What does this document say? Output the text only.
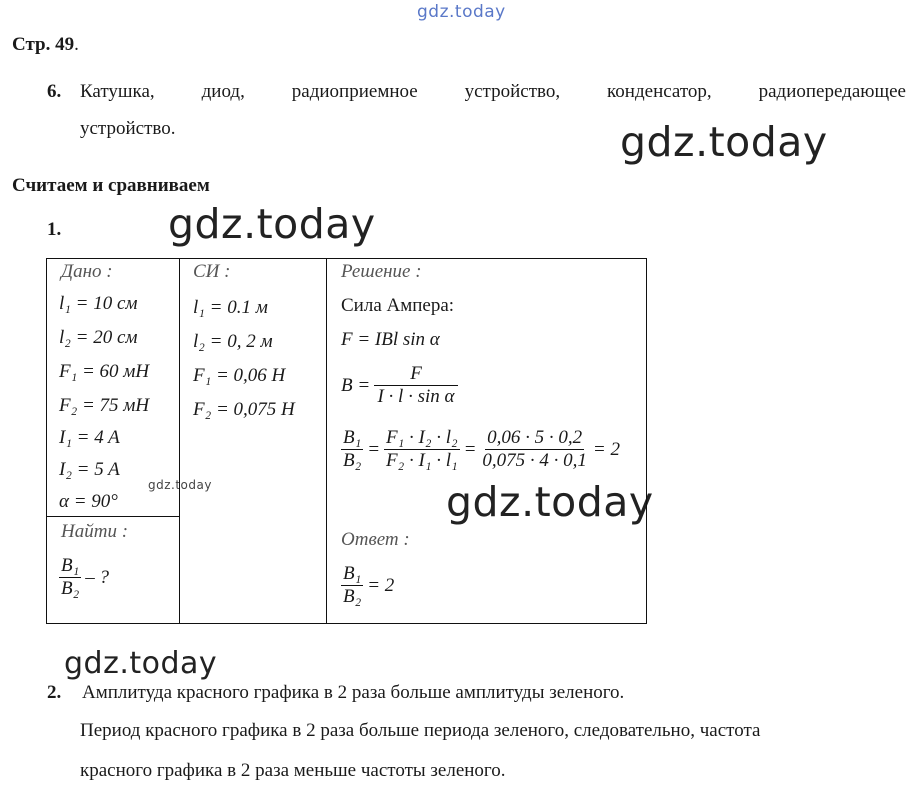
gdz.today
gdz.today
gdz.today
gdz.today
gdz.today
gdz.today
Стр. 49.
6. Катушка, диод, радиоприемное устройство, конденсатор, радиопередающее
устройство.
Считаем и сравниваем
1.
Дано :
l₁ = 10 см
l₂ = 20 см
F₁ = 60 мН
F₂ = 75 мН
I₁ = 4 A
I₂ = 5 A
α = 90°
Найти :
$\frac{\text{B₁}}{\text{B₂}}$ – ?
СИ :
l₁ = 0.1 м
l₂ = 0, 2 м
F₁ = 0,06 Н
F₂ = 0,075 Н
Решение :
Сила Ампера:
F = IBl sin α
$B = \frac{F}{\text{I · l · sin α}}$
$\frac{\text{B₁}}{\text{B₂}} = \frac{\text{F₁ · I₂ · l₂}}{\text{F₂ · I₁ · l₁}} = \frac{0,06 \cdot 5 \cdot 0,2}{0,075 \cdot 4 \cdot 0,1} = 2$
Ответ :
$\frac{\text{B₁}}{\text{B₂}} = 2$
2. Амплитуда красного графика в 2 раза больше амплитуды зеленого.
Период красного графика в 2 раза больше периода зеленого, следовательно, частота
красного графика в 2 раза меньше частоты зеленого.
